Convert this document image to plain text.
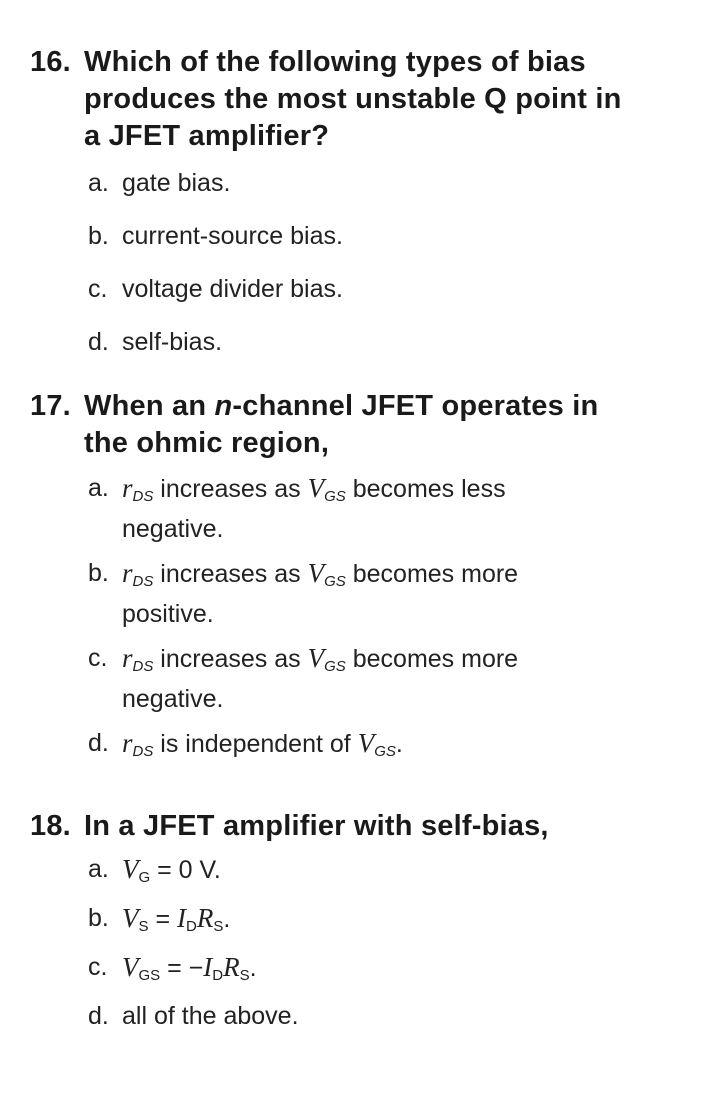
16. Which of the following types of bias produces the most unstable Q point in a JFET amplifier?
a. gate bias.
b. current-source bias.
c. voltage divider bias.
d. self-bias.
17. When an n-channel JFET operates in the ohmic region,
a. $r_{DS}$ increases as $V_{GS}$ becomes less negative.
b. $r_{DS}$ increases as $V_{GS}$ becomes more positive.
c. $r_{DS}$ increases as $V_{GS}$ becomes more negative.
d. $r_{DS}$ is independent of $V_{GS}$.
18. In a JFET amplifier with self-bias,
a. $V_G = 0$ V.
b. $V_S = I_DR_S$.
c. $V_{GS} = -I_DR_S$.
d. all of the above.
